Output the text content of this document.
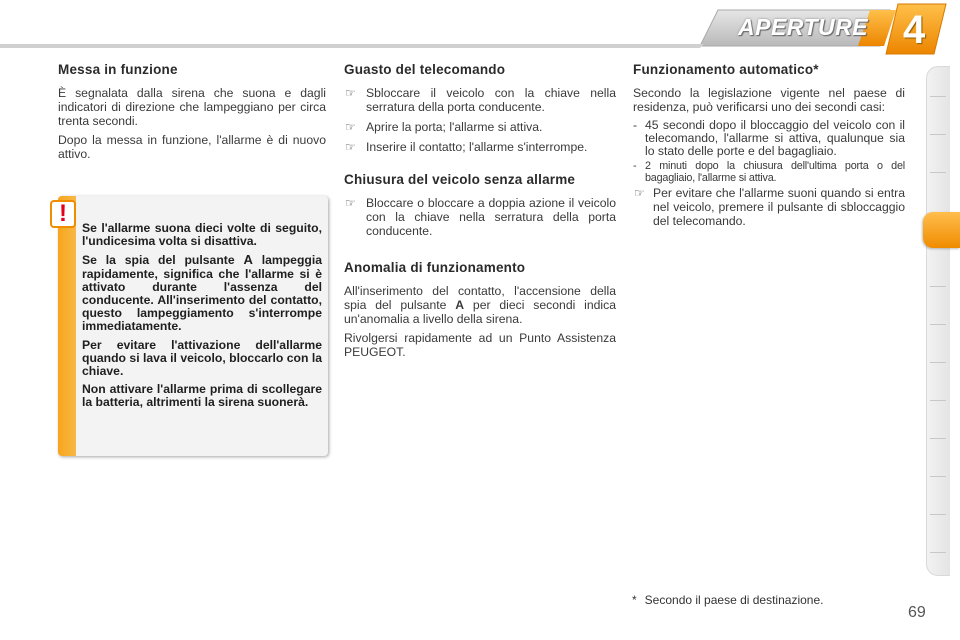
APERTURE 4
Messa in funzione

È segnalata dalla sirena che suona e dagli indicatori di direzione che lampeggiano per circa trenta secondi.

Dopo la messa in funzione, l'allarme è di nuovo attivo.

!

Se l'allarme suona dieci volte di seguito, l'undicesima volta si disattiva.

Se la spia del pulsante A lampeggia rapidamente, significa che l'allarme si è attivato durante l'assenza del conducente. All'inserimento del contatto, questo lampeggiamento s'interrompe immediatamente.

Per evitare l'attivazione dell'allarme quando si lava il veicolo, bloccarlo con la chiave.

Non attivare l'allarme prima di scollegare la batteria, altrimenti la sirena suonerà.

Guasto del telecomando
☞ Sbloccare il veicolo con la chiave nella serratura della porta conducente.
☞ Aprire la porta; l'allarme si attiva.
☞ Inserire il contatto; l'allarme s'interrompe.
Chiusura del veicolo senza allarme
☞ Bloccare o bloccare a doppia azione il veicolo con la chiave nella serratura della porta conducente.
Anomalia di funzionamento

All'inserimento del contatto, l'accensione della spia del pulsante A per dieci secondi indica un'anomalia a livello della sirena.

Rivolgersi rapidamente ad un Punto Assistenza PEUGEOT.

Funzionamento automatico*

Secondo la legislazione vigente nel paese di residenza, può verificarsi uno dei secondi casi:

- 45 secondi dopo il bloccaggio del veicolo con il telecomando, l'allarme si attiva, qualunque sia lo stato delle porte e del bagagliaio.
- 2 minuti dopo la chiusura dell'ultima porta o del bagagliaio, l'allarme si attiva.
☞ Per evitare che l'allarme suoni quando si entra nel veicolo, premere il pulsante di sbloccaggio del telecomando.
* Secondo il paese di destinazione.
69
